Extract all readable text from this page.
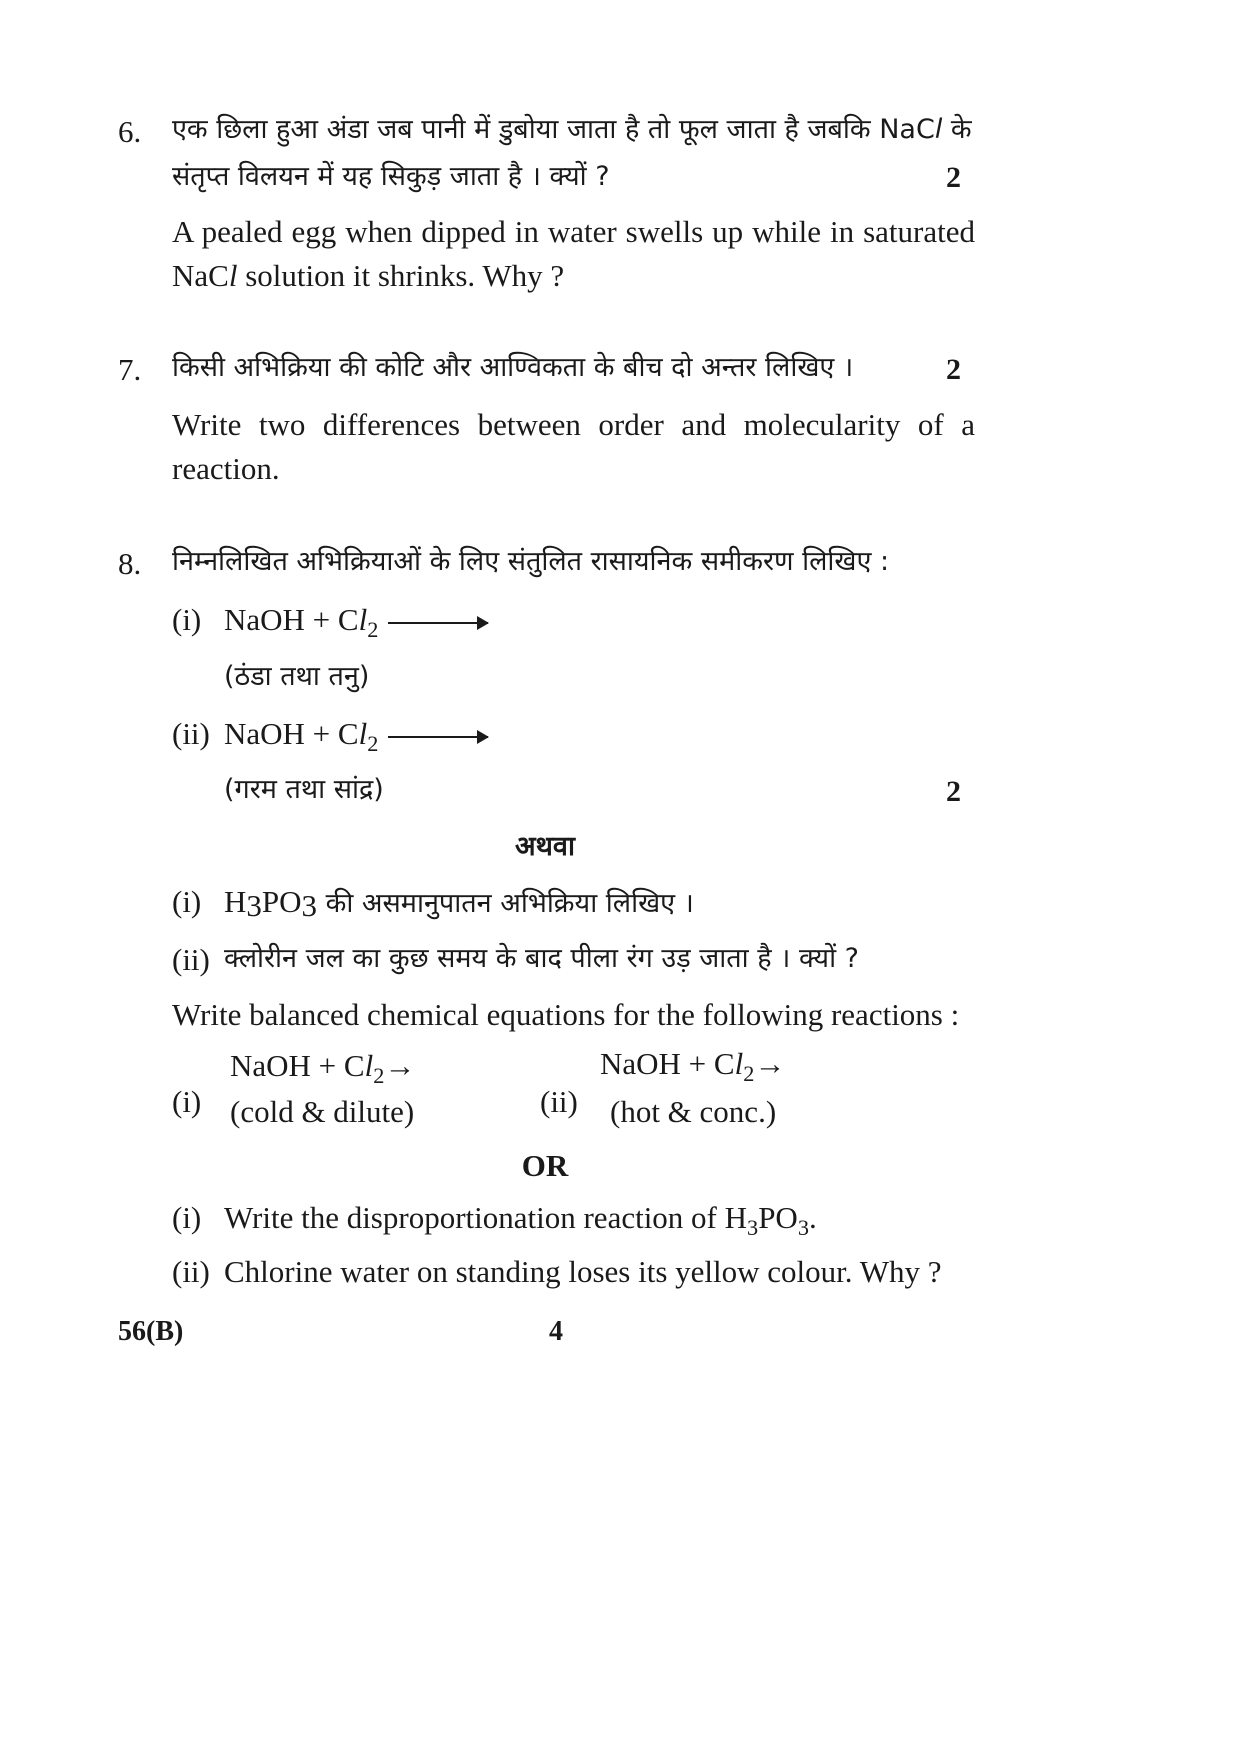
6. एक छिला हुआ अंडा जब पानी में डुबोया जाता है तो फूल जाता है जबकि NaCl के
संतृप्त विलयन में यह सिकुड़ जाता है । क्यों ?	2
A pealed egg when dipped in water swells up while in saturated NaCl solution it shrinks. Why ?
7. किसी अभिक्रिया की कोटि और आण्विकता के बीच दो अन्तर लिखिए ।	2
Write two differences between order and molecularity of a reaction.
8. निम्नलिखित अभिक्रियाओं के लिए संतुलित रासायनिक समीकरण लिखिए :
(i) NaOH + $Cl_2$
(ठंडा तथा तनु)
(ii) NaOH + $Cl_2$
(गरम तथा सांद्र)	2
अथवा
(i) $H_3PO_3$ की असमानुपातन अभिक्रिया लिखिए ।
(ii) क्लोरीन जल का कुछ समय के बाद पीला रंग उड़ जाता है । क्यों ?
Write balanced chemical equations for the following reactions :
(i)
NaOH + $Cl_2\to$
(cold & dilute)	(ii)
NaOH + $Cl_2\to$
(hot & conc.)
OR
(i) Write the disproportionation reaction of $H_3PO_3$.
(ii) Chlorine water on standing loses its yellow colour. Why ?
56(B)	4
